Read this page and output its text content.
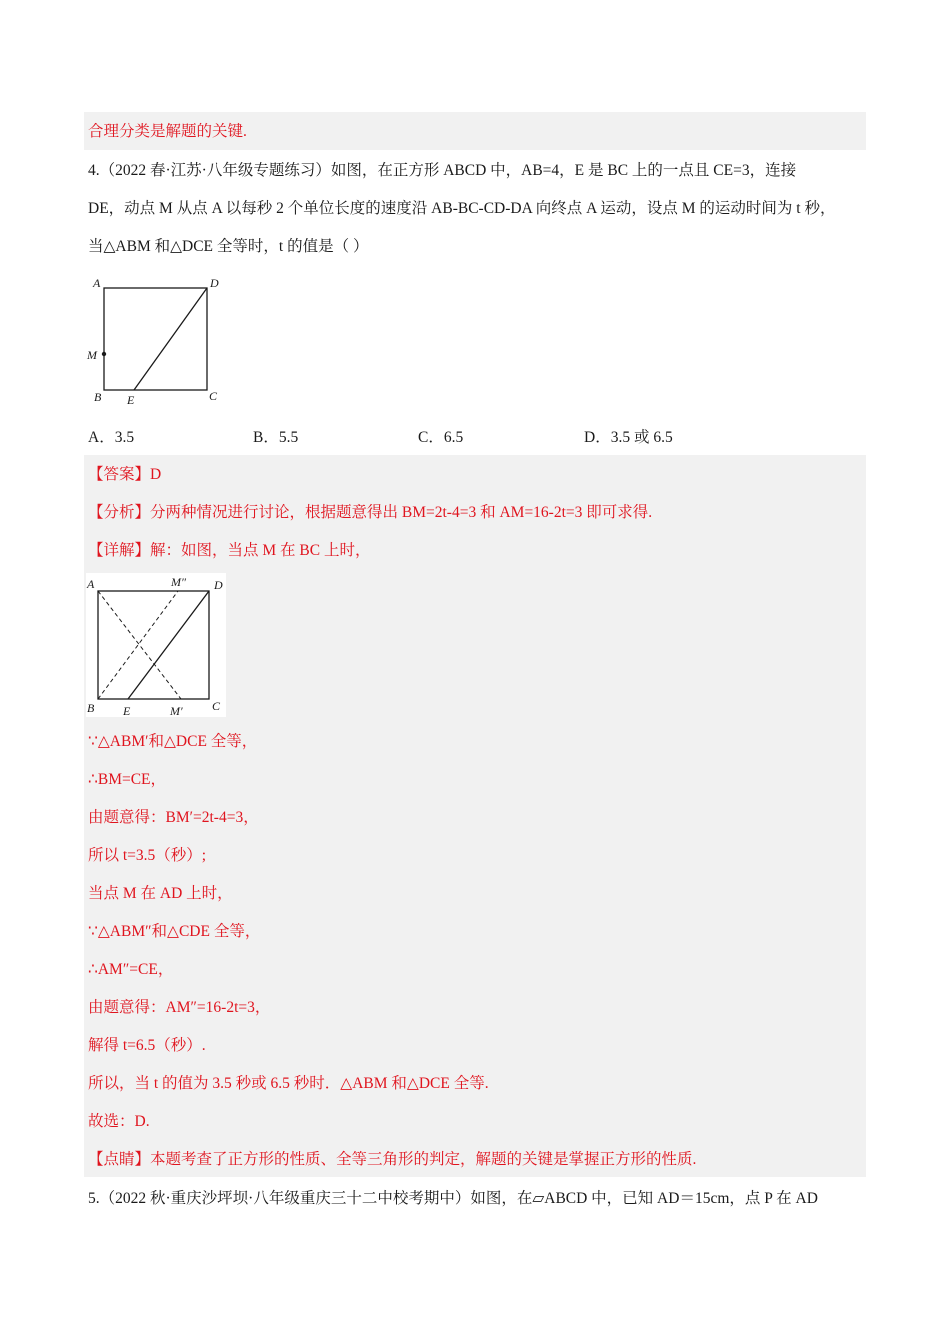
合理分类是解题的关键.
4.（2022 春·江苏·八年级专题练习）如图，在正方形 ABCD 中，AB=4，E 是 BC 上的一点且 CE=3，连接
DE，动点 M 从点 A 以每秒 2 个单位长度的速度沿 AB-BC-CD-DA 向终点 A 运动，设点 M 的运动时间为 t 秒，
当△ABM 和△DCE 全等时，t 的值是（ ）
A	D
M
B E	C
A．3.5	B．5.5	C．6.5	D．3.5 或 6.5
【答案】D
【分析】分两种情况进行讨论，根据题意得出 BM=2t-4=3 和 AM=16-2t=3 即可求得.
【详解】解：如图，当点 M 在 BC 上时，
A	M″ D
B E	M′ C
∵△ABM′和△DCE 全等，
∴BM=CE，
由题意得：BM′=2t-4=3，
所以 t=3.5（秒）;
当点 M 在 AD 上时，
∵△ABM″和△CDE 全等，
∴AM″=CE，
由题意得：AM″=16-2t=3，
解得 t=6.5（秒）.
所以，当 t 的值为 3.5 秒或 6.5 秒时．△ABM 和△DCE 全等.
故选：D.
【点睛】本题考查了正方形的性质、全等三角形的判定，解题的关键是掌握正方形的性质.
5.（2022 秋·重庆沙坪坝·八年级重庆三十二中校考期中）如图，在▱ABCD 中，已知 AD＝15cm，点 P 在 AD
